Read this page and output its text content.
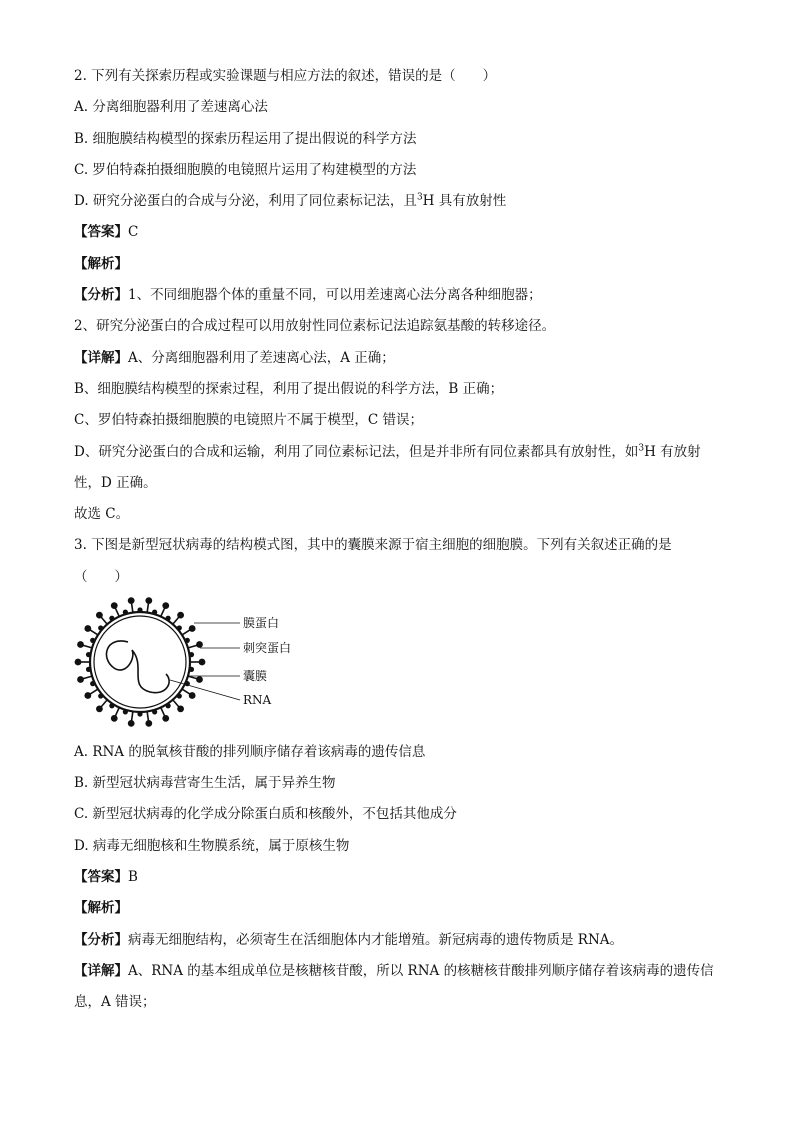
2. 下列有关探索历程或实验课题与相应方法的叙述，错误的是（　　）
A. 分离细胞器利用了差速离心法
B. 细胞膜结构模型的探索历程运用了提出假说的科学方法
C. 罗伯特森拍摄细胞膜的电镜照片运用了构建模型的方法
D. 研究分泌蛋白的合成与分泌，利用了同位素标记法，且$^3$H 具有放射性
【答案】C
【解析】
【分析】1、不同细胞器个体的重量不同，可以用差速离心法分离各种细胞器；
2、研究分泌蛋白的合成过程可以用放射性同位素标记法追踪氨基酸的转移途径。
【详解】A、分离细胞器利用了差速离心法，A 正确；
B、细胞膜结构模型的探索过程，利用了提出假说的科学方法，B 正确；
C、罗伯特森拍摄细胞膜的电镜照片不属于模型，C 错误；
D、研究分泌蛋白的合成和运输，利用了同位素标记法，但是并非所有同位素都具有放射性，如$^3$H 有放射
性，D 正确。
故选 C。
3. 下图是新型冠状病毒的结构模式图，其中的囊膜来源于宿主细胞的细胞膜。下列有关叙述正确的是
（　　）
膜蛋白
刺突蛋白
囊膜
RNA
A. RNA 的脱氧核苷酸的排列顺序储存着该病毒的遗传信息
B. 新型冠状病毒营寄生生活，属于异养生物
C. 新型冠状病毒的化学成分除蛋白质和核酸外，不包括其他成分
D. 病毒无细胞核和生物膜系统，属于原核生物
【答案】B
【解析】
【分析】病毒无细胞结构，必须寄生在活细胞体内才能增殖。新冠病毒的遗传物质是 RNA。
【详解】A、RNA 的基本组成单位是核糖核苷酸，所以 RNA 的核糖核苷酸排列顺序储存着该病毒的遗传信
息，A 错误；
